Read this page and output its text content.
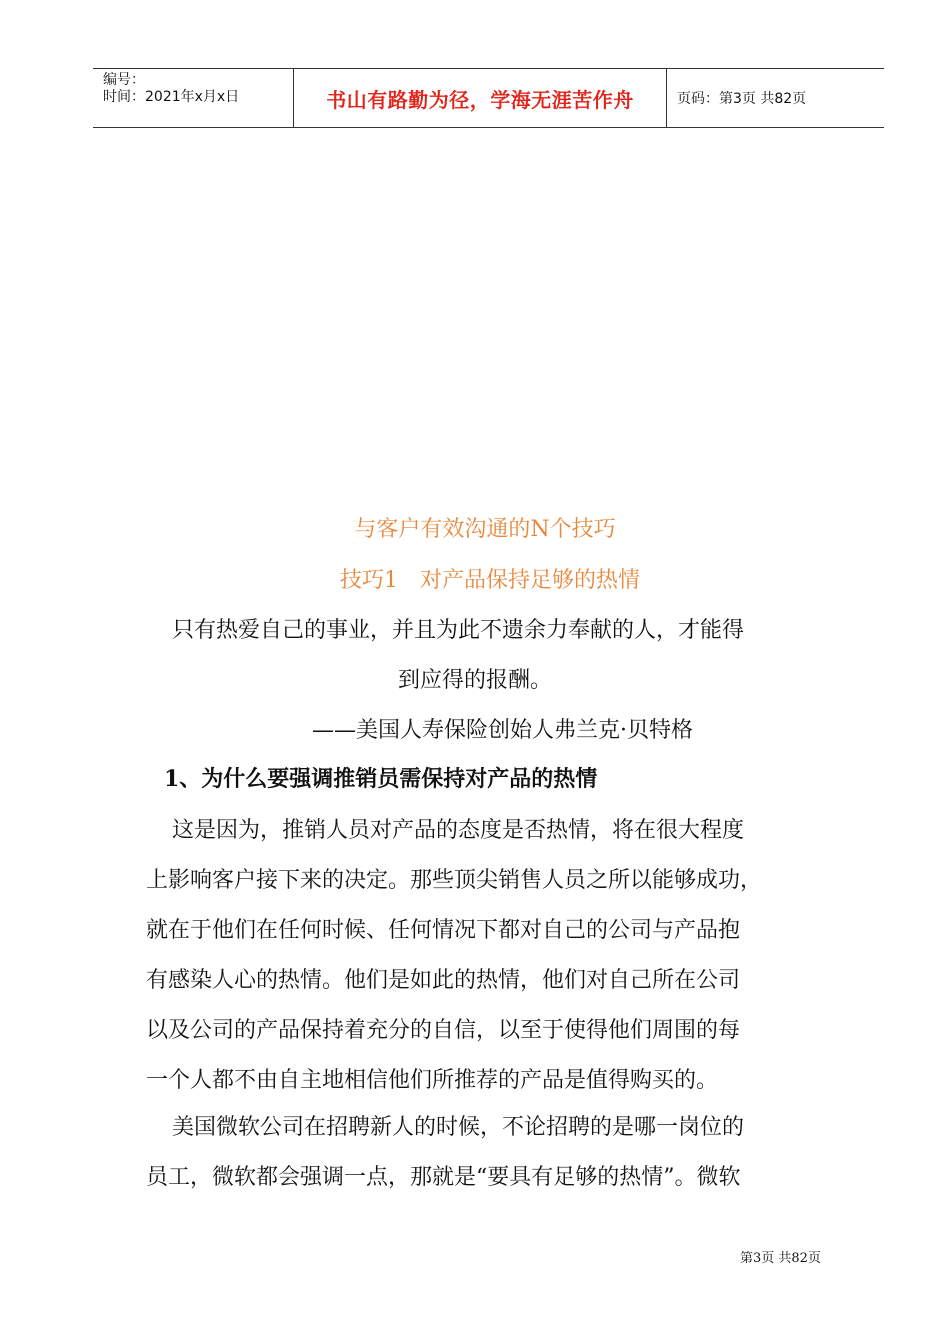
编号：
时间：2021年x月x日	书山有路勤为径，学海无涯苦作舟	页码：第3页 共82页
与客户有效沟通的N个技巧
技巧1 对产品保持足够的热情
只有热爱自己的事业，并且为此不遗余力奉献的人，才能得
到应得的报酬。
——美国人寿保险创始人弗兰克·贝特格
1、为什么要强调推销员需保持对产品的热情
这是因为，推销人员对产品的态度是否热情，将在很大程度
上影响客户接下来的决定。那些顶尖销售人员之所以能够成功，
就在于他们在任何时候、任何情况下都对自己的公司与产品抱
有感染人心的热情。他们是如此的热情，他们对自己所在公司
以及公司的产品保持着充分的自信，以至于使得他们周围的每
一个人都不由自主地相信他们所推荐的产品是值得购买的。
美国微软公司在招聘新人的时候，不论招聘的是哪一岗位的
员工，微软都会强调一点，那就是“要具有足够的热情”。微软
第3页 共82页
